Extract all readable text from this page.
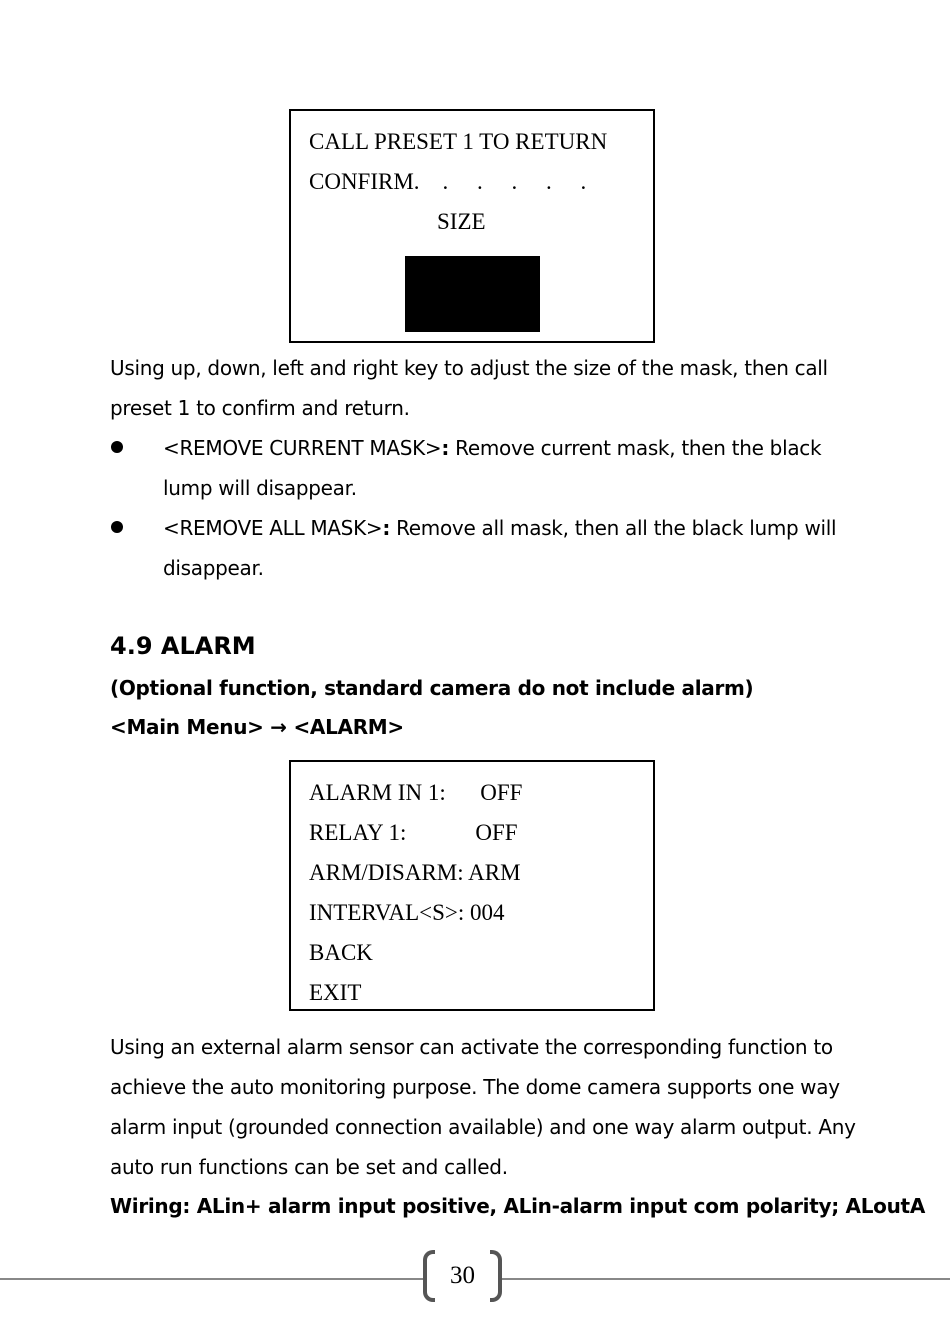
CALL PRESET 1 TO RETURN
CONFIRM.    .     .     .     .     .
SIZE
Using up, down, left and right key to adjust the size of the mask, then call
preset 1 to confirm and return.
<REMOVE CURRENT MASK>: Remove current mask, then the black
lump will disappear.
<REMOVE ALL MASK>: Remove all mask, then all the black lump will
disappear.
4.9 ALARM
(Optional function, standard camera do not include alarm)
<Main Menu> → <ALARM>
ALARM IN 1:      OFF
RELAY 1:            OFF
ARM/DISARM: ARM
INTERVAL<S>: 004
BACK
EXIT
Using an external alarm sensor can activate the corresponding function to
achieve the auto monitoring purpose. The dome camera supports one way
alarm input (grounded connection available) and one way alarm output. Any
auto run functions can be set and called.
Wiring: ALin+ alarm input positive, ALin-alarm input com polarity; ALoutA
30
